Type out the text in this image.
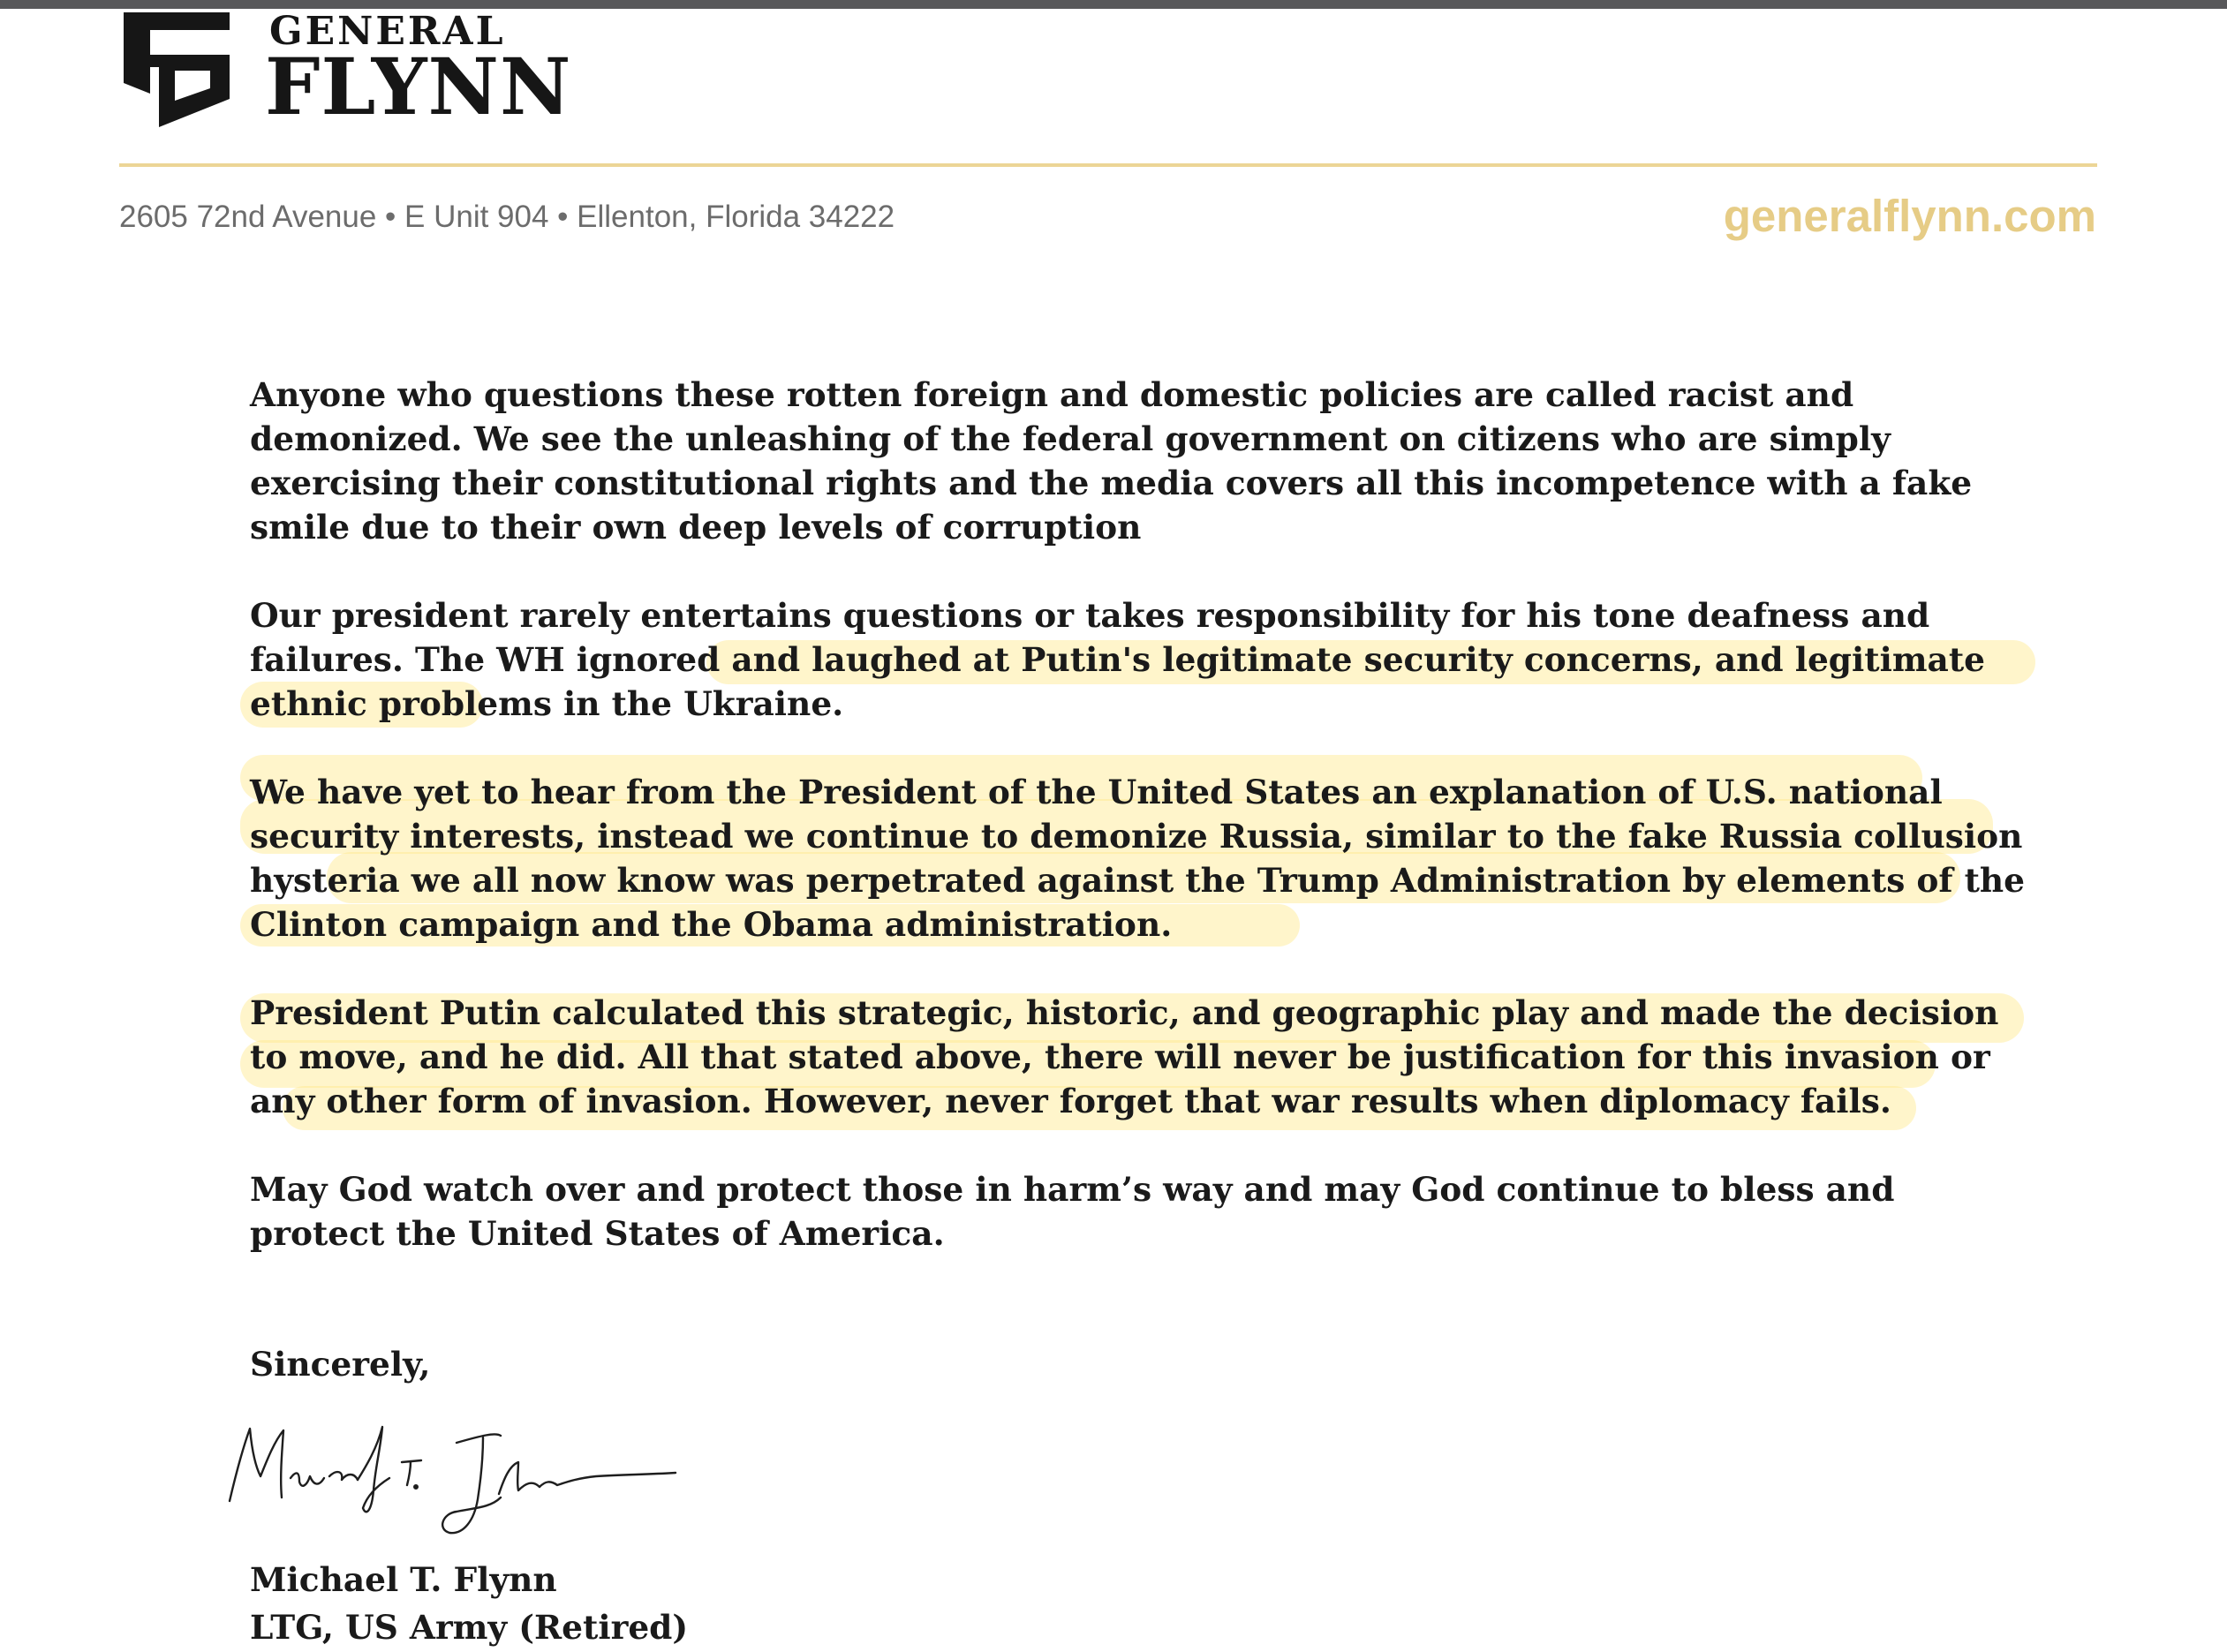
GENERAL
FLYNN
2605 72nd Avenue • E Unit 904 • Ellenton, Florida 34222	generalflynn.com

Anyone who questions these rotten foreign and domestic policies are called racist and demonized. We see the unleashing of the federal government on citizens who are simply exercising their constitutional rights and the media covers all this incompetence with a fake smile due to their own deep levels of corruption

Our president rarely entertains questions or takes responsibility for his tone deafness and failures. The WH ignored and laughed at Putin's legitimate security concerns, and legitimate ethnic problems in the Ukraine.

We have yet to hear from the President of the United States an explanation of U.S. national security interests, instead we continue to demonize Russia, similar to the fake Russia collusion hysteria we all now know was perpetrated against the Trump Administration by elements of the Clinton campaign and the Obama administration.

President Putin calculated this strategic, historic, and geographic play and made the decision to move, and he did. All that stated above, there will never be justification for this invasion or any other form of invasion. However, never forget that war results when diplomacy fails.

May God watch over and protect those in harm’s way and may God continue to bless and protect the United States of America.

Sincerely,
Michael T. Flynn
LTG, US Army (Retired)
